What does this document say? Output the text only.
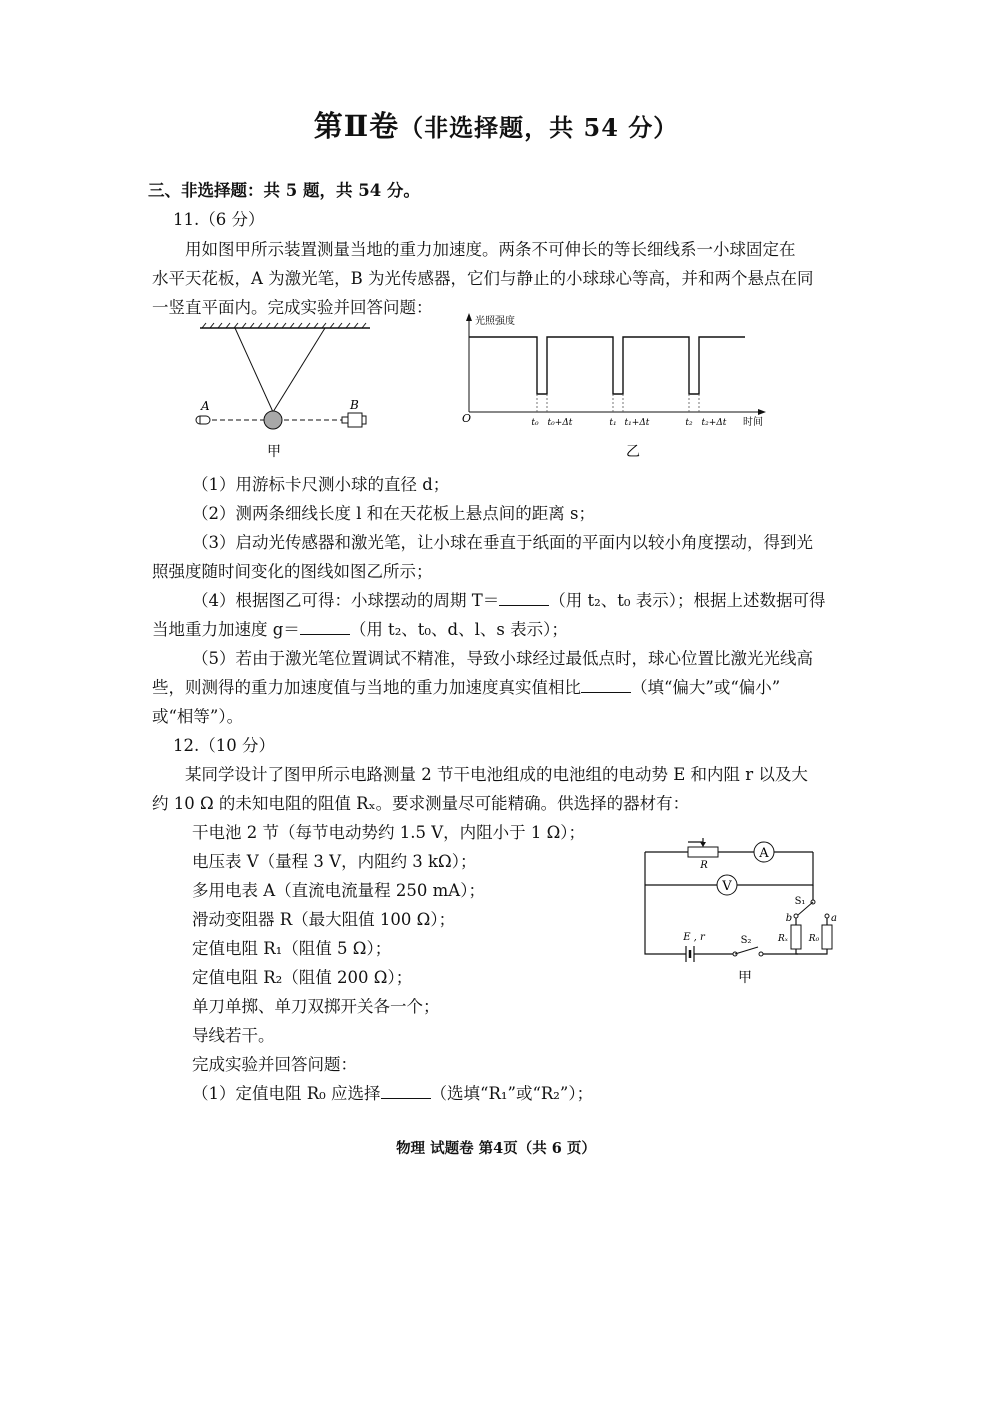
第Ⅱ卷（非选择题，共 54 分）
三、非选择题：共 5 题，共 54 分。
11.（6 分）
用如图甲所示装置测量当地的重力加速度。两条不可伸长的等长细线系一小球固定在
水平天花板，A 为激光笔，B 为光传感器，它们与静止的小球球心等高，并和两个悬点在同
一竖直平面内。完成实验并回答问题：
A	B
甲
光照强度
O	t₀ t₀+Δt	t₁ t₁+Δt	t₂ t₂+Δt 时间
乙
（1）用游标卡尺测小球的直径 d；
（2）测两条细线长度 l 和在天花板上悬点间的距离 s；
（3）启动光传感器和激光笔，让小球在垂直于纸面的平面内以较小角度摆动，得到光
照强度随时间变化的图线如图乙所示；
（4）根据图乙可得：小球摆动的周期 T＝	（用 t₂、t₀ 表示）；根据上述数据可得
当地重力加速度 g＝	（用 t₂、t₀、d、l、s 表示）；
（5）若由于激光笔位置调试不精准，导致小球经过最低点时，球心位置比激光光线高
些，则测得的重力加速度值与当地的重力加速度真实值相比	（填“偏大”或“偏小”
或“相等”）。
12.（10 分）
某同学设计了图甲所示电路测量 2 节干电池组成的电池组的电动势 E 和内阻 r 以及大
约 10 Ω 的未知电阻的阻值 Rₓ。要求测量尽可能精确。供选择的器材有：
干电池 2 节（每节电动势约 1.5 V，内阻小于 1 Ω）；
电压表 V（量程 3 V，内阻约 3 kΩ）；
多用电表 A（直流电流量程 250 mA）；
滑动变阻器 R（最大阻值 100 Ω）；
定值电阻 R₁（阻值 5 Ω）；
定值电阻 R₂（阻值 200 Ω）；
单刀单掷、单刀双掷开关各一个；
导线若干。
完成实验并回答问题：
（1）定值电阻 R₀ 应选择	（选填“R₁”或“R₂”）；
A
V
R
S₁
b	a
Rₓ R₀
E , r	S₂
甲
物理 试题卷 第4页（共 6 页）
